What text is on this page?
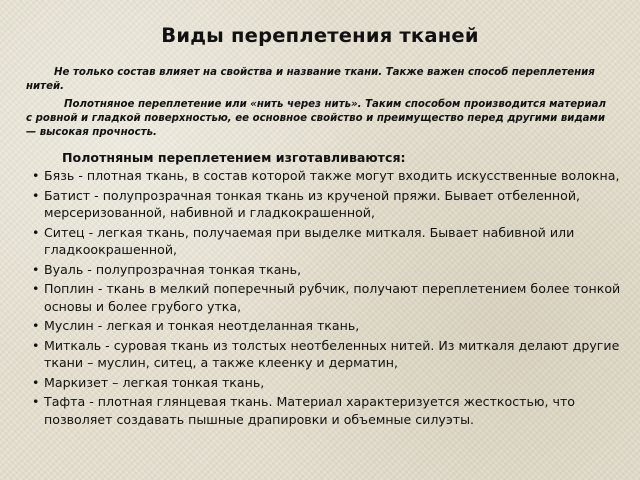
Виды переплетения тканей

Не только состав влияет на свойства и название ткани. Также важен способ переплетения нитей.

Полотняное переплетение или «нить через нить». Таким способом производится материал с ровной и гладкой поверхностью, ее основное свойство и преимущество перед другими видами — высокая прочность.

Полотняным переплетением изготавливаются:
• Бязь - плотная ткань, в состав которой также могут входить искусственные волокна,
• Батист - полупрозрачная тонкая ткань из крученой пряжи. Бывает отбеленной, мерсеризованной, набивной и гладкокрашенной,
• Ситец - легкая ткань, получаемая при выделке миткаля. Бывает набивной или гладкоокрашенной,
• Вуаль - полупрозрачная тонкая ткань,
• Поплин - ткань в мелкий поперечный рубчик, получают переплетением более тонкой основы и более грубого утка,
• Муслин - легкая и тонкая неотделанная ткань,
• Миткаль - суровая ткань из толстых неотбеленных нитей. Из миткаля делают другие ткани – муслин, ситец, а также клеенку и дерматин,
• Маркизет – легкая тонкая ткань,
• Тафта - плотная глянцевая ткань. Материал характеризуется жесткостью, что позволяет создавать пышные драпировки и объемные силуэты.
